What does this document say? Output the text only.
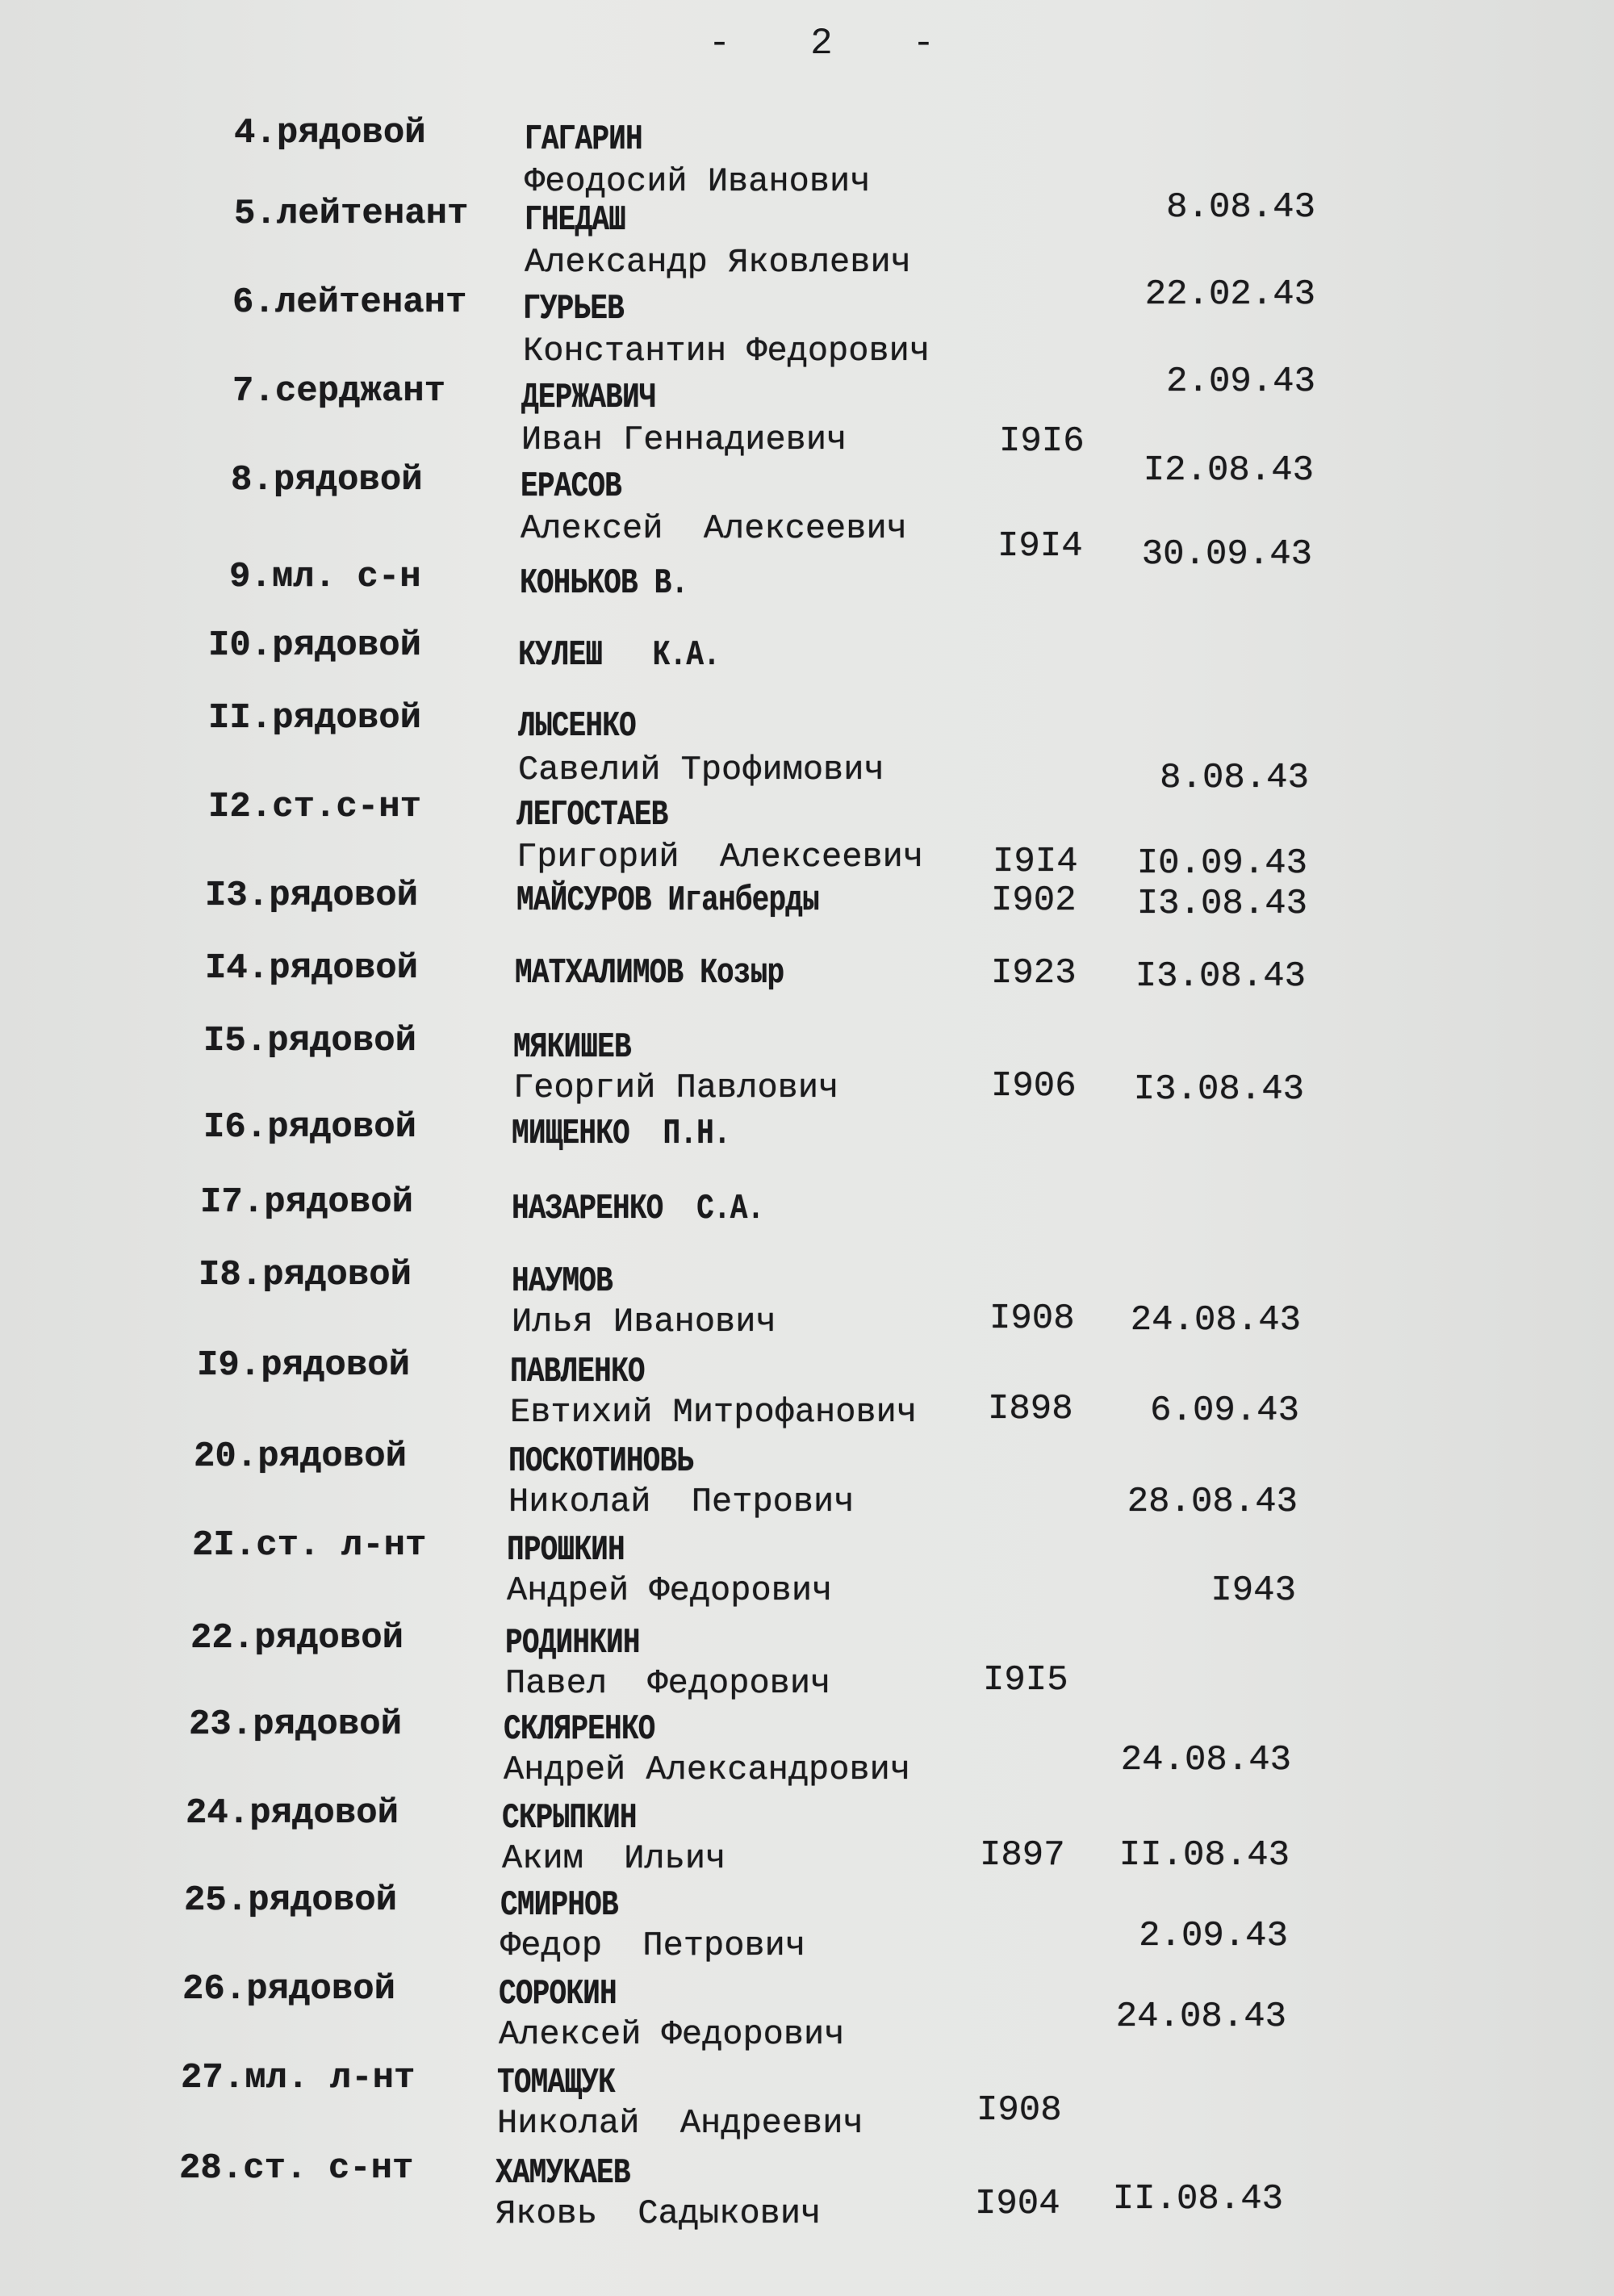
-   2   -
4.рядовой	ГАГАРИН
Феодосий Иванович
8.08.43
5.лейтенант ГНЕДАШ
Александр Яковлевич
22.02.43
6.лейтенант ГУРЬЕВ
Константин Федорович
2.09.43
7.серджант ДЕРЖАВИЧ
Иван Геннадиевич	I9I6
I2.08.43
8.рядовой	ЕРАСОВ
Алексей  Алексеевич	I9I4	30.09.43
9.мл. с-н	КОНЬКОВ В.
I0.рядовой	КУЛЕШ   К.А.
II.рядовой	ЛЫСЕНКО
Савелий Трофимович	8.08.43
I2.ст.с-нт	ЛЕГОСТАЕВ
Григорий  Алексеевич I9I4	I0.09.43
I3.рядовой	МАЙСУРОВ Иганберды	I902	I3.08.43
I4.рядовой	МАТХАЛИМОВ Козыр	I923	I3.08.43
I5.рядовой	МЯКИШЕВ
Георгий Павлович	I906	I3.08.43
I6.рядовой	МИЩЕНКО  П.Н.
I7.рядовой	НАЗАРЕНКО  С.А.
I8.рядовой	НАУМОВ
Илья Иванович	I908	24.08.43
I9.рядовой	ПАВЛЕНКО
Евтихий Митрофанович I898	6.09.43
20.рядовой	ПОСКОТИНОВЬ
Николай  Петрович	28.08.43
2I.ст. л-нт ПРОШКИН
Андрей Федорович	I943
22.рядовой	РОДИНКИН
Павел  Федорович	I9I5
23.рядовой	СКЛЯРЕНКО
Андрей Александрович	24.08.43
24.рядовой	СКРЫПКИН
Аким  Ильич	I897	II.08.43
25.рядовой	СМИРНОВ
Федор  Петрович	2.09.43
26.рядовой	СОРОКИН
Алексей Федорович	24.08.43
27.мл. л-нт ТОМАЩУК
Николай  Андреевич	I908
28.ст. с-нт ХАМУКАЕВ
Яковь  Садыкович	I904	II.08.43
